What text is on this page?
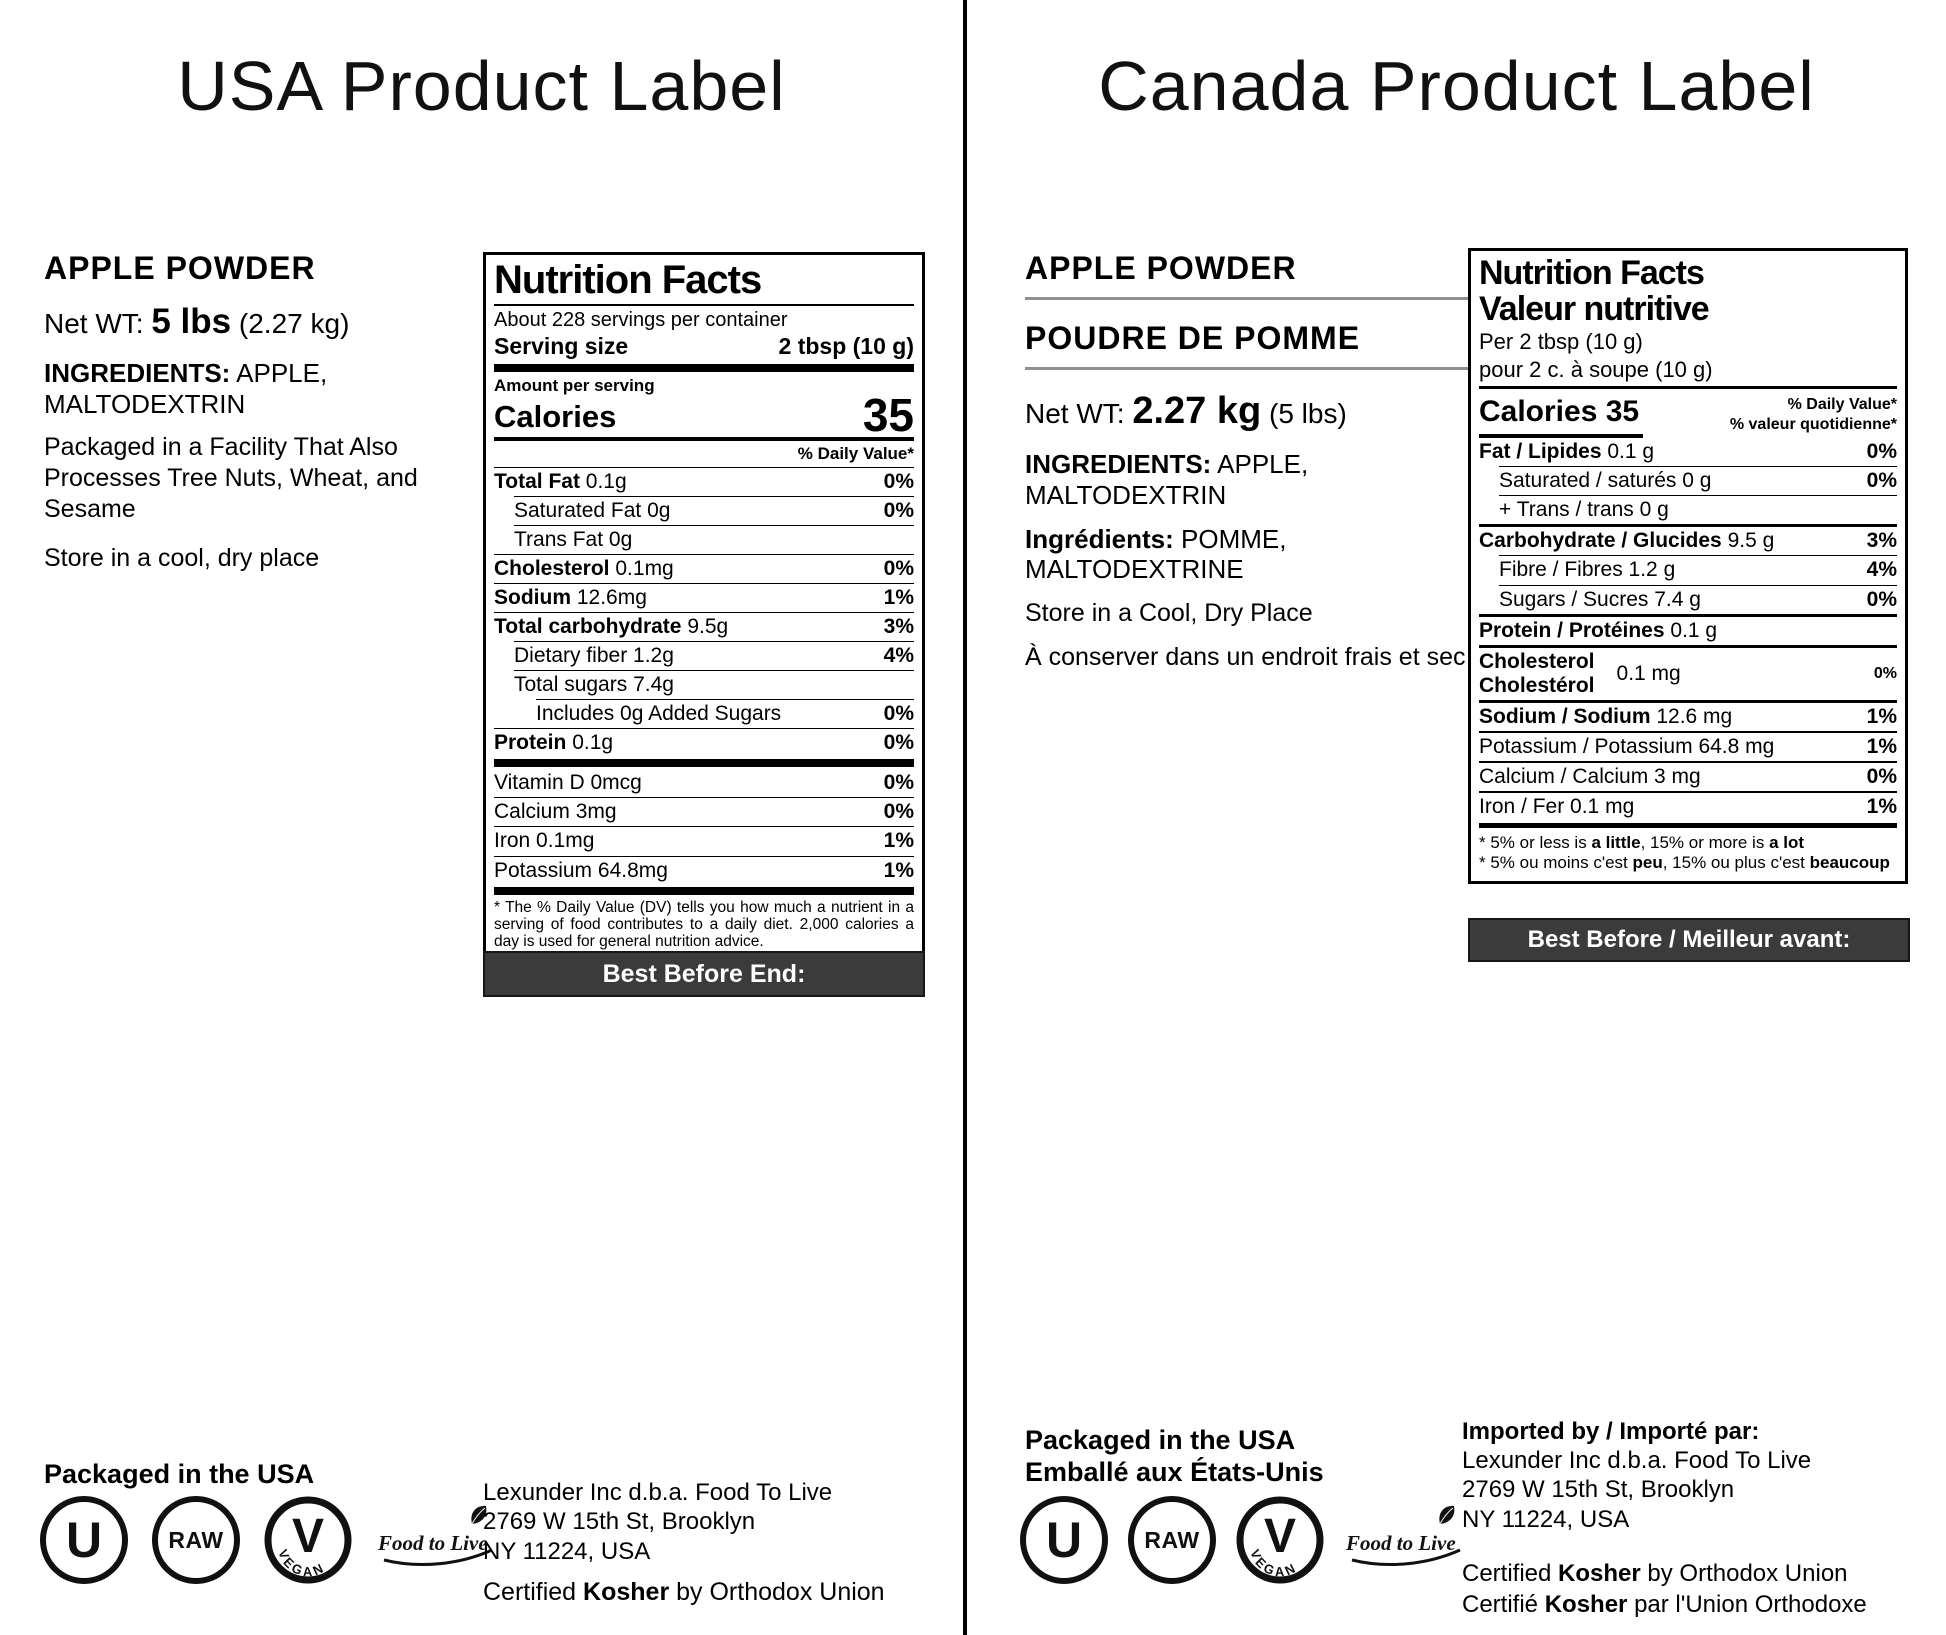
USA Product Label
APPLE POWDER
Net WT: 5 lbs (2.27 kg)
INGREDIENTS: APPLE,
MALTODEXTRIN
Packaged in a Facility That Also Processes Tree Nuts, Wheat, and Sesame
Store in a cool, dry place
Nutrition Facts
About 228 servings per container
Serving size	2 tbsp (10 g)
Amount per serving
Calories	35
% Daily Value*
Total Fat 0.1g	0%
Saturated Fat 0g	0%
Trans Fat 0g
Cholesterol 0.1mg	0%
Sodium 12.6mg	1%
Total carbohydrate 9.5g	3%
Dietary fiber 1.2g	4%
Total sugars 7.4g
Includes 0g Added Sugars	0%
Protein 0.1g	0%
Vitamin D 0mcg	0%
Calcium 3mg	0%
Iron 0.1mg	1%
Potassium 64.8mg	1%
* The % Daily Value (DV) tells you how much a nutrient in a serving of food contributes to a daily diet. 2,000 calories a day is used for general nutrition advice.
Best Before End:
Packaged in the USA
U	RAW V
VEGAN
Food to Live
Lexunder Inc d.b.a. Food To Live
2769 W 15th St, Brooklyn
NY 11224, USA
Certified Kosher by Orthodox Union
Canada Product Label
APPLE POWDER
POUDRE DE POMME
Net WT: 2.27 kg (5 lbs)
INGREDIENTS: APPLE,
MALTODEXTRIN
Ingrédients: POMME,
MALTODEXTRINE
Store in a Cool, Dry Place
À conserver dans un endroit frais et sec
Nutrition Facts
Valeur nutritive
Per 2 tbsp (10 g)
pour 2 c. à soupe (10 g)
Calories 35	% Daily Value*
% valeur quotidienne*
Fat / Lipides 0.1 g	0%
Saturated / saturés 0 g	0%
+ Trans / trans 0 g
Carbohydrate / Glucides 9.5 g	3%
Fibre / Fibres 1.2 g	4%
Sugars / Sucres 7.4 g	0%
Protein / Protéines 0.1 g
Cholesterol
Cholestérol
0.1 mg	0%
Sodium / Sodium 12.6 mg	1%
Potassium / Potassium 64.8 mg	1%
Calcium / Calcium 3 mg	0%
Iron / Fer 0.1 mg	1%
* 5% or less is a little, 15% or more is a lot
* 5% ou moins c'est peu, 15% ou plus c'est beaucoup
Best Before / Meilleur avant:
Packaged in the USA
Emballé aux États-Unis
U	RAW V
VEGAN
Food to Live
Imported by / Importé par:
Lexunder Inc d.b.a. Food To Live
2769 W 15th St, Brooklyn
NY 11224, USA
Certified Kosher by Orthodox Union
Certifié Kosher par l'Union Orthodoxe
